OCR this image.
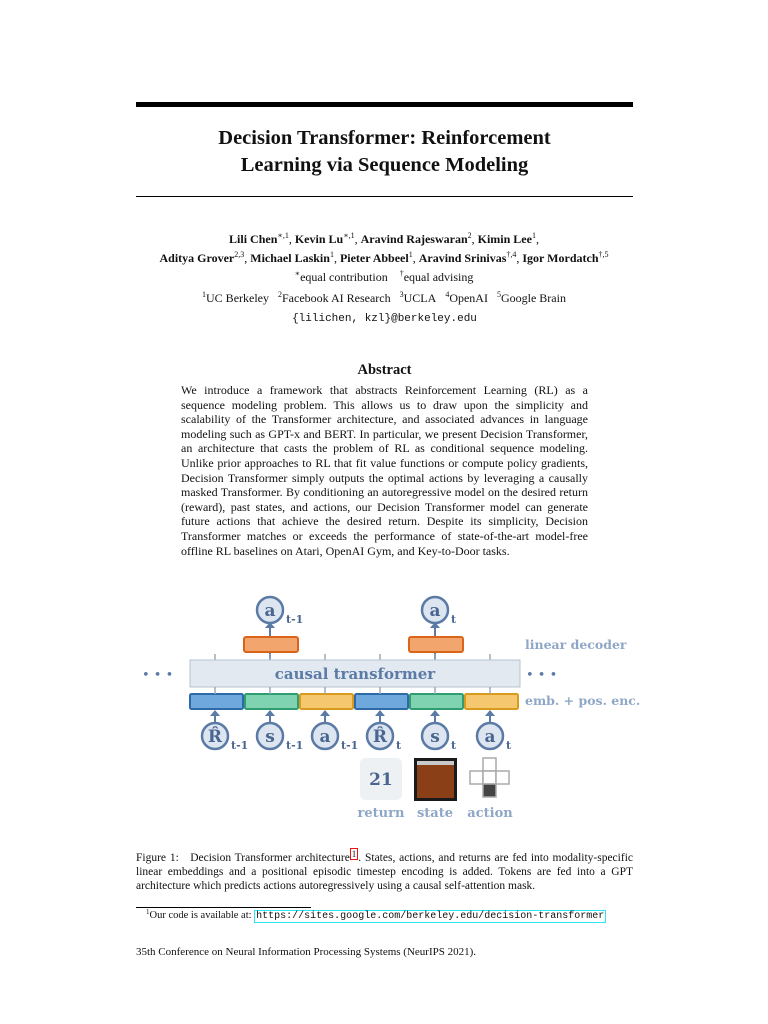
Decision Transformer: Reinforcement
Learning via Sequence Modeling
Lili Chen$^{∗,1}$, Kevin $Lu^{∗,1}$, Aravind Rajeswaran$^2$, Kimin Lee$^1$,
Aditya Grover$^{2,3}$, Michael Laskin$^1$, Pieter Abbeel$^1$, Aravind Srinivas$^{\dagger,4}$, Igor Mordatch$^{\dagger,5}$
∗equal contribution †equal advising
$^1$UC Berkeley $^2$Facebook AI Research $^3$UCLA $^4$OpenAI $^5$Google Brain
{lilichen, kzl}@berkeley.edu
Abstract
We introduce a framework that abstracts Reinforcement Learning (RL) as a sequence modeling problem. This allows us to draw upon the simplicity and scalability of the Transformer architecture, and associated advances in language modeling such as GPT-x and BERT. In particular, we present Decision Transformer, an architecture that casts the problem of RL as conditional sequence modeling. Unlike prior approaches to RL that fit value functions or compute policy gradients, Decision Transformer simply outputs the optimal actions by leveraging a causally masked Transformer. By conditioning an autoregressive model on the desired return (reward), past states, and actions, our Decision Transformer model can generate future actions that achieve the desired return. Despite its simplicity, Decision Transformer matches or exceeds the performance of state-of-the-art model-free offline RL baselines on Atari, OpenAI Gym, and Key-to-Door tasks.
a t-1	a t
linear decoder
causal transformer
• • •	• • •
emb. + pos. enc.
R̂ t-1 s t-1 a t-1 R̂ t s t a t
21
return state action
Figure 1: Decision Transformer architecture $^1$ . States, actions, and returns are fed into modality-specific linear embeddings and a positional episodic timestep encoding is added. Tokens are fed into a GPT architecture which predicts actions autoregressively using a causal self-attention mask.
$^1$Our code is available at: https://sites.google.com/berkeley.edu/decision-transformer
35th Conference on Neural Information Processing Systems (NeurIPS 2021).
